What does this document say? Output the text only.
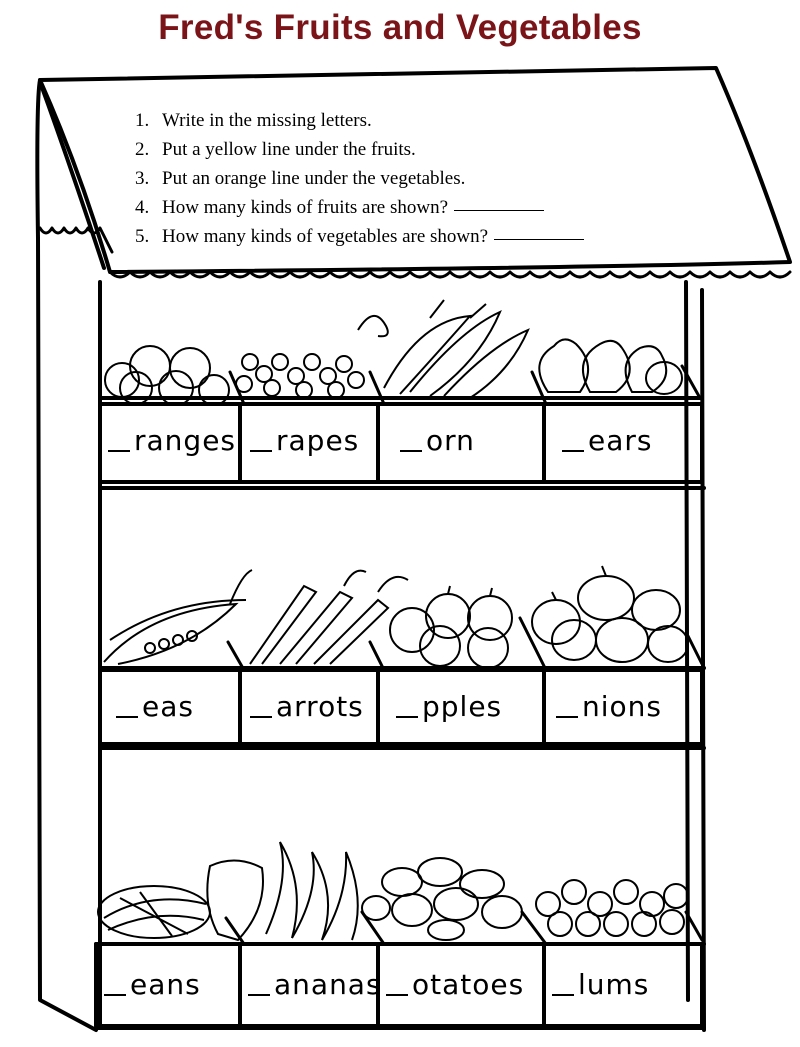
Fred's Fruits and Vegetables
1. Write in the missing letters.
2. Put a yellow line under the fruits.
3. Put an orange line under the vegetables.
4. How many kinds of fruits are shown?
5. How many kinds of vegetables are shown?
ranges	rapes	orn	ears
eas	arrots	pples	nions
eans	ananas	otatoes	lums
